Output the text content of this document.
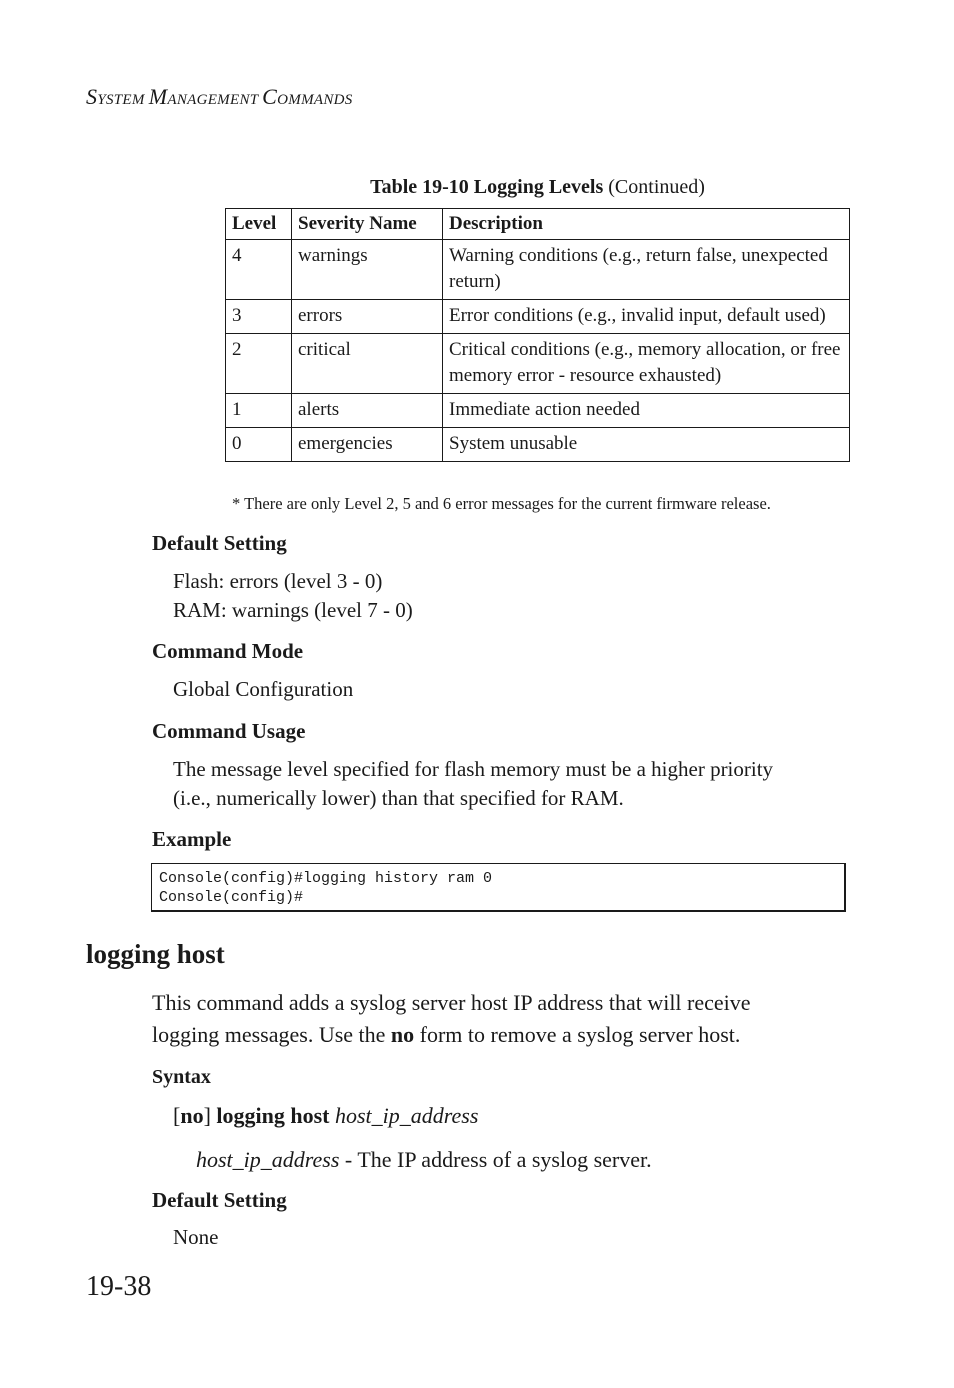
SYSTEM MANAGEMENT COMMANDS
Table 19-10 Logging Levels (Continued)
Level	Severity Name	Description
4	warnings	Warning conditions (e.g., return false, unexpected return)
3	errors	Error conditions (e.g., invalid input, default used)
2	critical	Critical conditions (e.g., memory allocation, or free memory error - resource exhausted)
1	alerts	Immediate action needed
0	emergencies	System unusable
* There are only Level 2, 5 and 6 error messages for the current firmware release.
Default Setting
Flash: errors (level 3 - 0)
RAM: warnings (level 7 - 0)
Command Mode
Global Configuration
Command Usage
The message level specified for flash memory must be a higher priority
(i.e., numerically lower) than that specified for RAM.
Example
Console(config)#logging history ram 0
Console(config)#
logging host
This command adds a syslog server host IP address that will receive
logging messages. Use the no form to remove a syslog server host.
Syntax
[no] logging host host_ip_address
host_ip_address - The IP address of a syslog server.
Default Setting
None
19-38
